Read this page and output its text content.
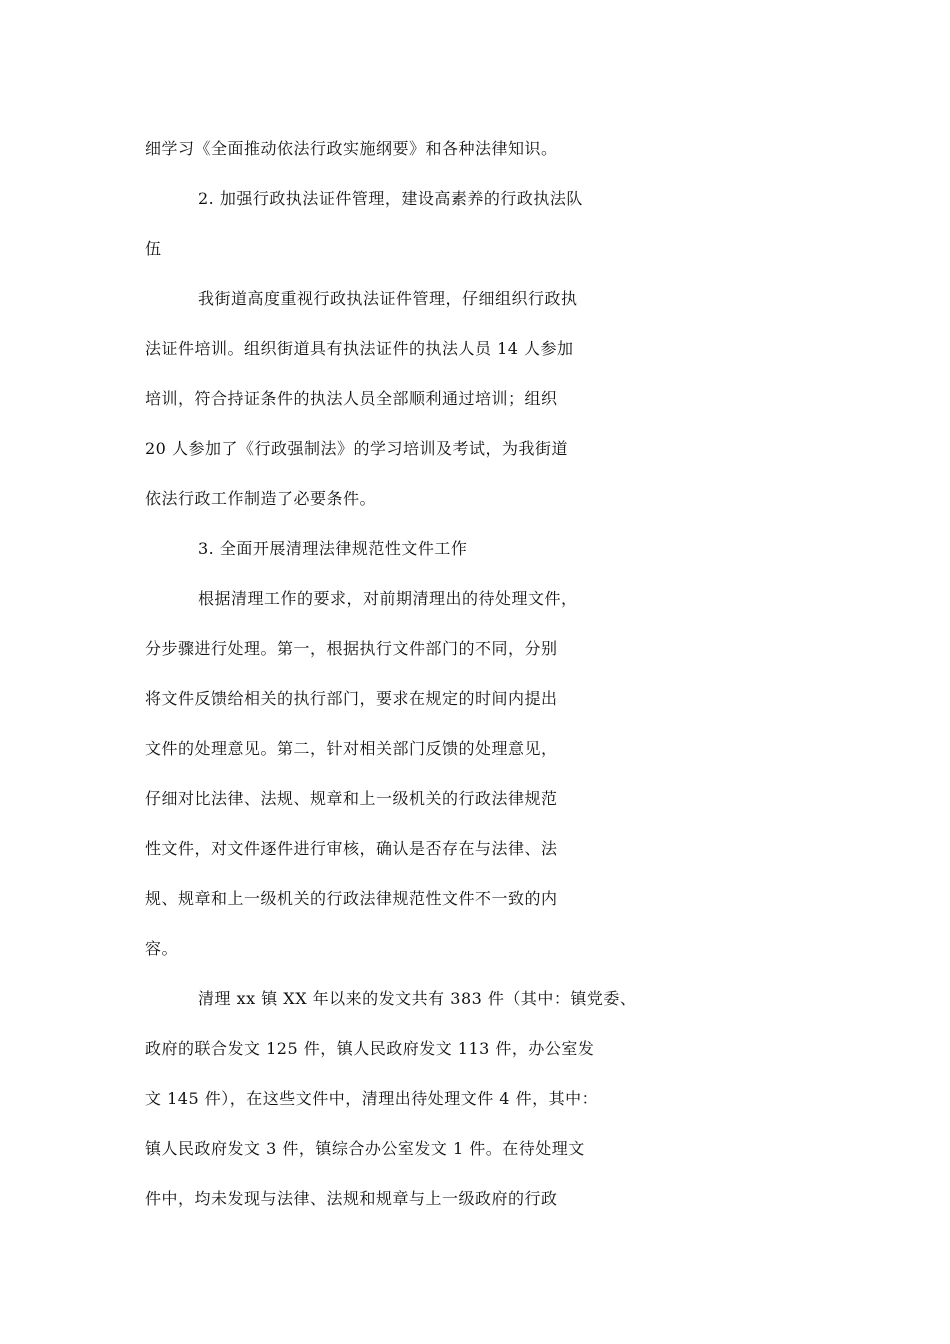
细学习《全面推动依法行政实施纲要》和各种法律知识。
2. 加强行政执法证件管理，建设高素养的行政执法队
伍
我街道高度重视行政执法证件管理，仔细组织行政执
法证件培训。组织街道具有执法证件的执法人员 14 人参加
培训，符合持证条件的执法人员全部顺利通过培训；组织
20 人参加了《行政强制法》的学习培训及考试，为我街道
依法行政工作制造了必要条件。
3. 全面开展清理法律规范性文件工作
根据清理工作的要求，对前期清理出的待处理文件，
分步骤进行处理。第一，根据执行文件部门的不同，分别
将文件反馈给相关的执行部门，要求在规定的时间内提出
文件的处理意见。第二，针对相关部门反馈的处理意见，
仔细对比法律、法规、规章和上一级机关的行政法律规范
性文件，对文件逐件进行审核，确认是否存在与法律、法
规、规章和上一级机关的行政法律规范性文件不一致的内
容。
清理 xx 镇 XX 年以来的发文共有 383 件（其中：镇党委、
政府的联合发文 125 件，镇人民政府发文 113 件，办公室发
文 145 件），在这些文件中，清理出待处理文件 4 件，其中：
镇人民政府发文 3 件，镇综合办公室发文 1 件。在待处理文
件中，均未发现与法律、法规和规章与上一级政府的行政
